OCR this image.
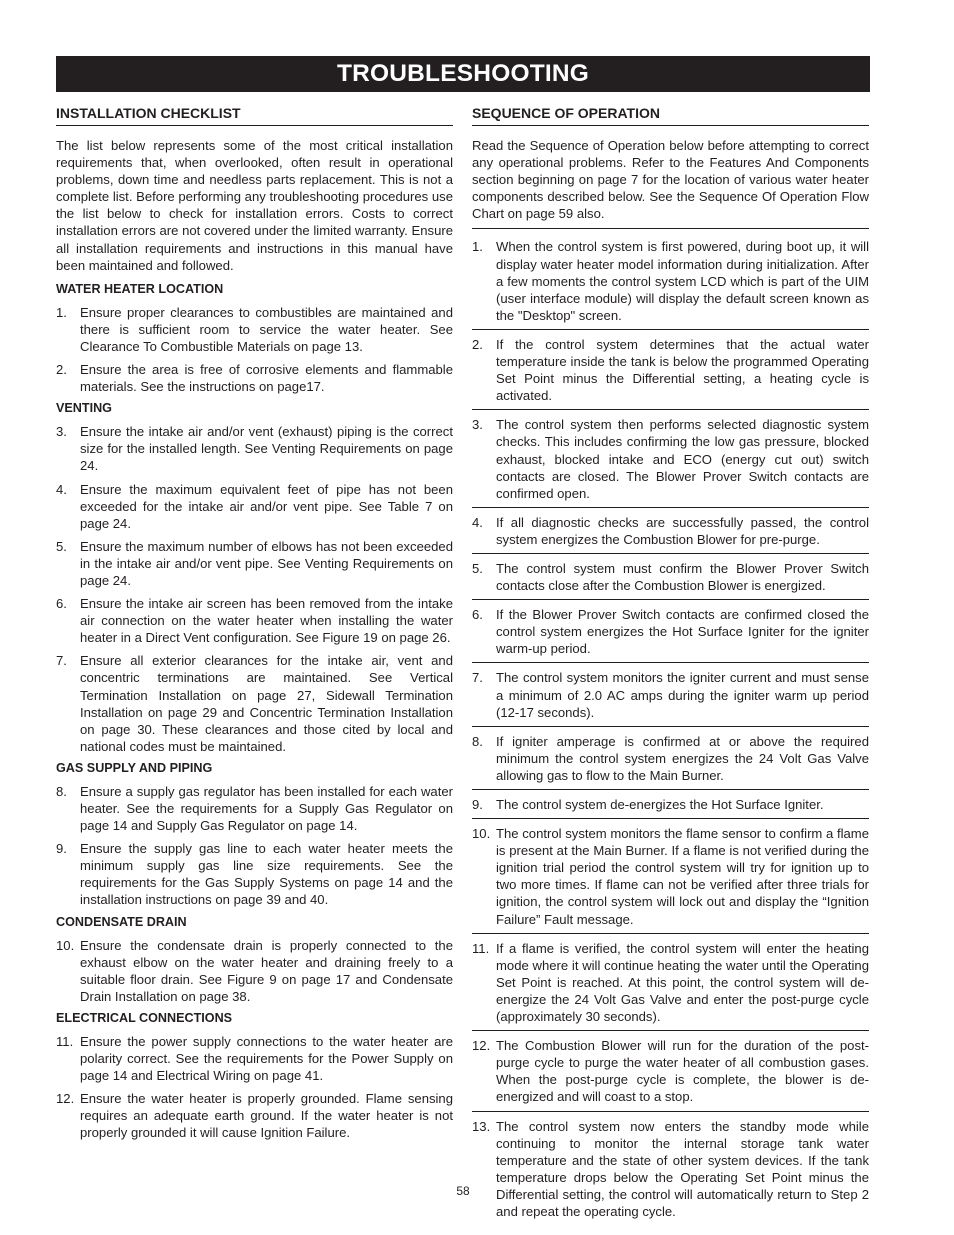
TROUBLESHOOTING
INSTALLATION CHECKLIST

The list below represents some of the most critical installation requirements that, when overlooked, often result in operational problems, down time and needless parts replacement. This is not a complete list. Before performing any troubleshooting procedures use the list below to check for installation errors. Costs to correct installation errors are not covered under the limited warranty. Ensure all installation requirements and instructions in this manual have been maintained and followed.

WATER HEATER LOCATION
1. Ensure proper clearances to combustibles are maintained and there is sufficient room to service the water heater. See Clearance To Combustible Materials on page 13.
2. Ensure the area is free of corrosive elements and flammable materials. See the instructions on page17.
VENTING
3. Ensure the intake air and/or vent (exhaust) piping is the correct size for the installed length. See Venting Requirements on page 24.
4. Ensure the maximum equivalent feet of pipe has not been exceeded for the intake air and/or vent pipe. See Table 7 on page 24.
5. Ensure the maximum number of elbows has not been exceeded in the intake air and/or vent pipe. See Venting Requirements on page 24.
6. Ensure the intake air screen has been removed from the intake air connection on the water heater when installing the water heater in a Direct Vent configuration. See Figure 19 on page 26.
7. Ensure all exterior clearances for the intake air, vent and concentric terminations are maintained. See Vertical Termination Installation on page 27, Sidewall Termination Installation on page 29 and Concentric Termination Installation on page 30. These clearances and those cited by local and national codes must be maintained.
GAS SUPPLY AND PIPING
8. Ensure a supply gas regulator has been installed for each water heater. See the requirements for a Supply Gas Regulator on page 14 and Supply Gas Regulator on page 14.
9. Ensure the supply gas line to each water heater meets the minimum supply gas line size requirements. See the requirements for the Gas Supply Systems on page 14 and the installation instructions on page 39 and 40.
CONDENSATE DRAIN
10. Ensure the condensate drain is properly connected to the exhaust elbow on the water heater and draining freely to a suitable floor drain. See Figure 9 on page 17 and Condensate Drain Installation on page 38.
ELECTRICAL CONNECTIONS
11. Ensure the power supply connections to the water heater are polarity correct. See the requirements for the Power Supply on page 14 and Electrical Wiring on page 41.
12. Ensure the water heater is properly grounded. Flame sensing requires an adequate earth ground. If the water heater is not properly grounded it will cause Ignition Failure.
SEQUENCE OF OPERATION

Read the Sequence of Operation below before attempting to correct any operational problems. Refer to the Features And Components section beginning on page 7 for the location of various water heater components described below. See the Sequence Of Operation Flow Chart on page 59 also.

1. When the control system is first powered, during boot up, it will display water heater model information during initialization. After a few moments the control system LCD which is part of the UIM (user interface module) will display the default screen known as the "Desktop" screen.
2. If the control system determines that the actual water temperature inside the tank is below the programmed Operating Set Point minus the Differential setting, a heating cycle is activated.
3. The control system then performs selected diagnostic system checks. This includes confirming the low gas pressure, blocked exhaust, blocked intake and ECO (energy cut out) switch contacts are closed. The Blower Prover Switch contacts are confirmed open.
4. If all diagnostic checks are successfully passed, the control system energizes the Combustion Blower for pre-purge.
5. The control system must confirm the Blower Prover Switch contacts close after the Combustion Blower is energized.
6. If the Blower Prover Switch contacts are confirmed closed the control system energizes the Hot Surface Igniter for the igniter warm-up period.
7. The control system monitors the igniter current and must sense a minimum of 2.0 AC amps during the igniter warm up period (12-17 seconds).
8. If igniter amperage is confirmed at or above the required minimum the control system energizes the 24 Volt Gas Valve allowing gas to flow to the Main Burner.
9. The control system de-energizes the Hot Surface Igniter.
10. The control system monitors the flame sensor to confirm a flame is present at the Main Burner. If a flame is not verified during the ignition trial period the control system will try for ignition up to two more times. If flame can not be verified after three trials for ignition, the control system will lock out and display the “Ignition Failure” Fault message.
11. If a flame is verified, the control system will enter the heating mode where it will continue heating the water until the Operating Set Point is reached. At this point, the control system will de-energize the 24 Volt Gas Valve and enter the post-purge cycle (approximately 30 seconds).
12. The Combustion Blower will run for the duration of the post-purge cycle to purge the water heater of all combustion gases. When the post-purge cycle is complete, the blower is de-energized and will coast to a stop.
13. The control system now enters the standby mode while continuing to monitor the internal storage tank water temperature and the state of other system devices. If the tank temperature drops below the Operating Set Point minus the Differential setting, the control will automatically return to Step 2 and repeat the operating cycle.
58
